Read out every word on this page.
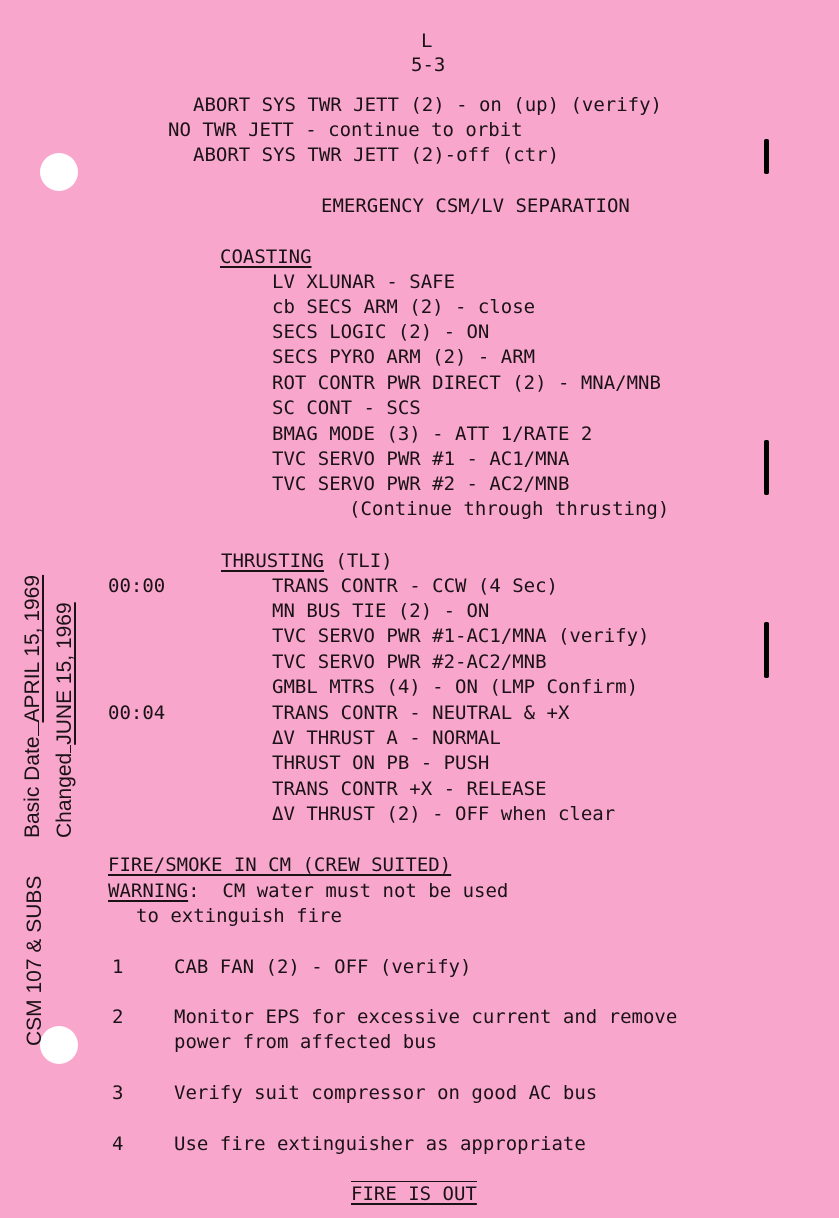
L
5-3
ABORT SYS TWR JETT (2) - on (up) (verify)
NO TWR JETT - continue to orbit
ABORT SYS TWR JETT (2)-off (ctr)
EMERGENCY CSM/LV SEPARATION
COASTING
LV XLUNAR - SAFE
cb SECS ARM (2) - close
SECS LOGIC (2) - ON
SECS PYRO ARM (2) - ARM
ROT CONTR PWR DIRECT (2) - MNA/MNB
SC CONT - SCS
BMAG MODE (3) - ATT 1/RATE 2
TVC SERVO PWR #1 - AC1/MNA
TVC SERVO PWR #2 - AC2/MNB
(Continue through thrusting)
THRUSTING (TLI)
00:00	TRANS CONTR - CCW (4 Sec)
MN BUS TIE (2) - ON
TVC SERVO PWR #1-AC1/MNA (verify)
TVC SERVO PWR #2-AC2/MNB
GMBL MTRS (4) - ON (LMP Confirm)
00:04	TRANS CONTR - NEUTRAL & +X
ΔV THRUST A - NORMAL
THRUST ON PB - PUSH
TRANS CONTR +X - RELEASE
ΔV THRUST (2) - OFF when clear
FIRE/SMOKE IN CM (CREW SUITED)
WARNING:  CM water must not be used
to extinguish fire
1	CAB FAN (2) - OFF (verify)
2	Monitor EPS for excessive current and remove
power from affected bus
3	Verify suit compressor on good AC bus
4	Use fire extinguisher as appropriate
FIRE IS OUT
CSM 107 & SUBS
Basic DateAPRIL 15, 1969
ChangedJUNE 15, 1969
